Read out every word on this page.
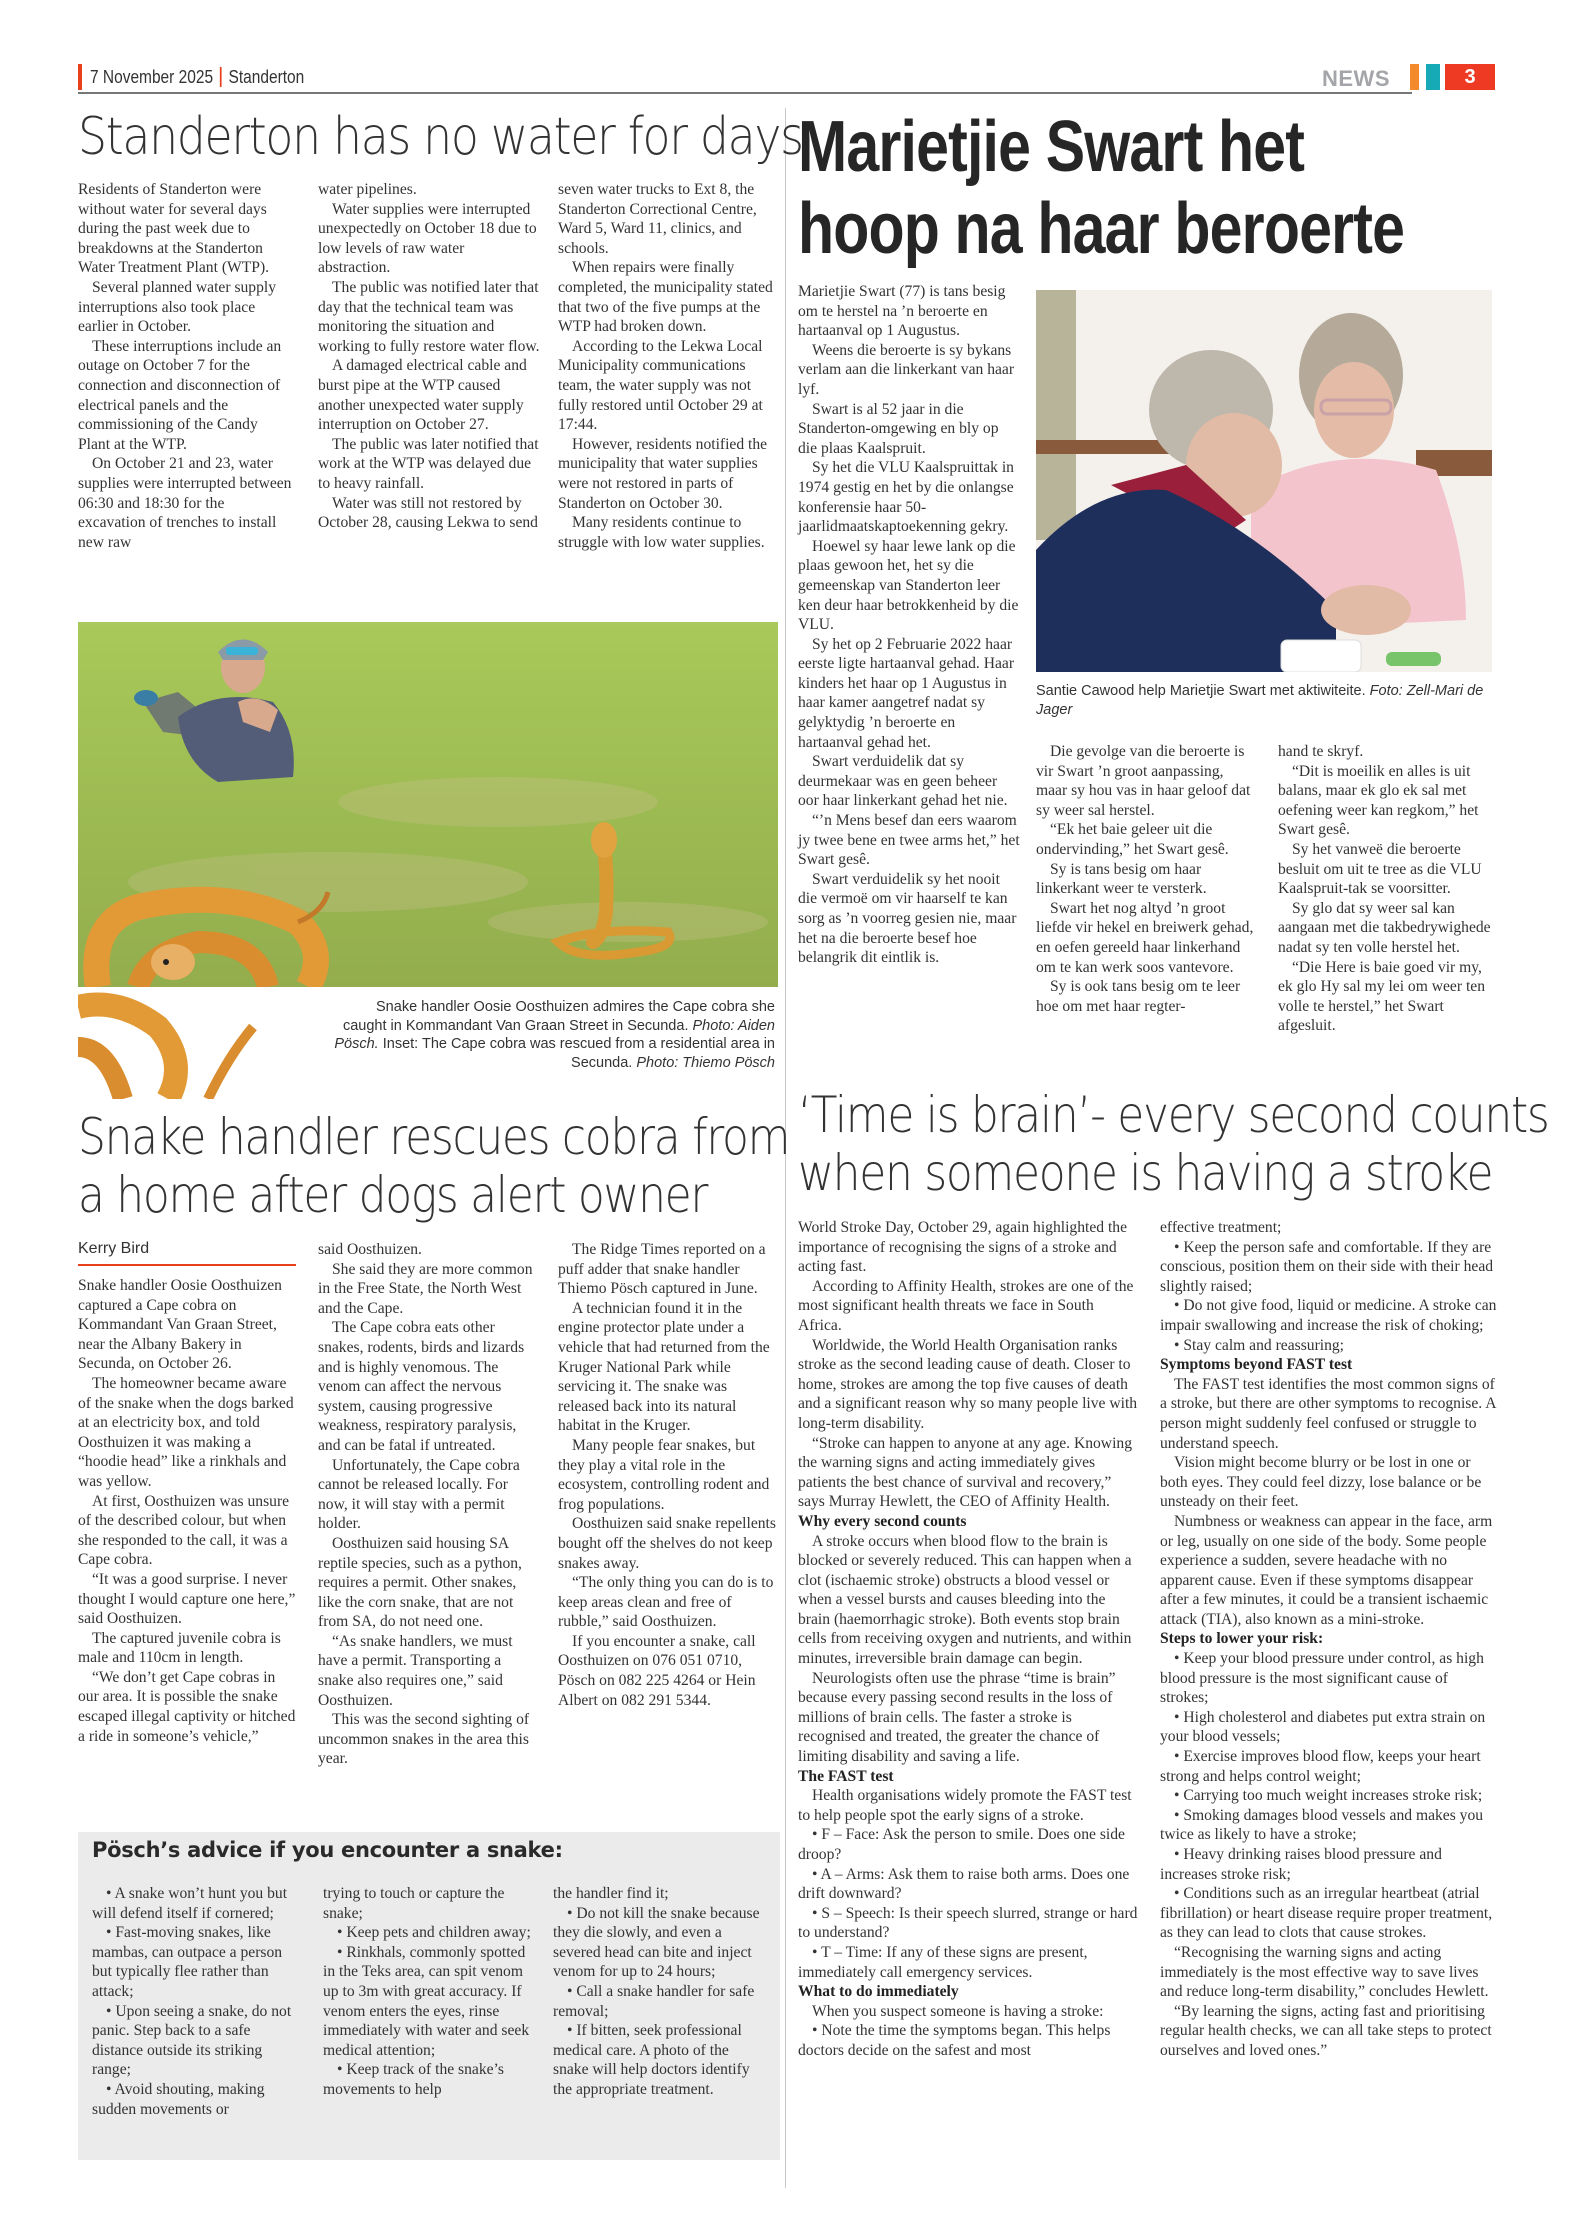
7 November 2025 Standerton	NEWS	3
Standerton has no water for days

Residents of Standerton were without water for several days during the past week due to breakdowns at the Standerton Water Treatment Plant (WTP).

Several planned water supply interruptions also took place earlier in October.

These interruptions include an outage on October 7 for the connection and disconnection of electrical panels and the commissioning of the Candy Plant at the WTP.

On October 21 and 23, water supplies were interrupted between 06:30 and 18:30 for the excavation of trenches to install new raw

water pipelines.

Water supplies were interrupted unexpectedly on October 18 due to low levels of raw water abstraction.

The public was notified later that day that the technical team was monitoring the situation and working to fully restore water flow.

A damaged electrical cable and burst pipe at the WTP caused another unexpected water supply interruption on October 27.

The public was later notified that work at the WTP was delayed due to heavy rainfall.

Water was still not restored by October 28, causing Lekwa to send

seven water trucks to Ext 8, the Standerton Correctional Centre, Ward 5, Ward 11, clinics, and schools.

When repairs were finally completed, the municipality stated that two of the five pumps at the WTP had broken down.

According to the Lekwa Local Municipality communications team, the water supply was not fully restored until October 29 at 17:44.

However, residents notified the municipality that water supplies were not restored in parts of Standerton on October 30.

Many residents continue to struggle with low water supplies.

Snake handler Oosie Oosthuizen admires the Cape cobra she caught in Kommandant Van Graan Street in Secunda. Photo: Aiden Pösch. Inset: The Cape cobra was rescued from a residential area in Secunda. Photo: Thiemo Pösch
Snake handler rescues cobra from
a home after dogs alert owner
Kerry Bird

Snake handler Oosie Oosthuizen captured a Cape cobra on Kommandant Van Graan Street, near the Albany Bakery in Secunda, on October 26.

The homeowner became aware of the snake when the dogs barked at an electricity box, and told Oosthuizen it was making a “hoodie head” like a rinkhals and was yellow.

At first, Oosthuizen was unsure of the described colour, but when she responded to the call, it was a Cape cobra.

“It was a good surprise. I never thought I would capture one here,” said Oosthuizen.

The captured juvenile cobra is male and 110cm in length.

“We don’t get Cape cobras in our area. It is possible the snake escaped illegal captivity or hitched a ride in someone’s vehicle,”

said Oosthuizen.

She said they are more common in the Free State, the North West and the Cape.

The Cape cobra eats other snakes, rodents, birds and lizards and is highly venomous. The venom can affect the nervous system, causing progressive weakness, respiratory paralysis, and can be fatal if untreated.

Unfortunately, the Cape cobra cannot be released locally. For now, it will stay with a permit holder.

Oosthuizen said housing SA reptile species, such as a python, requires a permit. Other snakes, like the corn snake, that are not from SA, do not need one.

“As snake handlers, we must have a permit. Transporting a snake also requires one,” said Oosthuizen.

This was the second sighting of uncommon snakes in the area this year.

The Ridge Times reported on a puff adder that snake handler Thiemo Pösch captured in June.

A technician found it in the engine protector plate under a vehicle that had returned from the Kruger National Park while servicing it. The snake was released back into its natural habitat in the Kruger.

Many people fear snakes, but they play a vital role in the ecosystem, controlling rodent and frog populations.

Oosthuizen said snake repellents bought off the shelves do not keep snakes away.

“The only thing you can do is to keep areas clean and free of rubble,” said Oosthuizen.

If you encounter a snake, call Oosthuizen on 076 051 0710, Pösch on 082 225 4264 or Hein Albert on 082 291 5344.

Pösch’s advice if you encounter a snake:

• A snake won’t hunt you but will defend itself if cornered;

• Fast-moving snakes, like mambas, can outpace a person but typically flee rather than attack;

• Upon seeing a snake, do not panic. Step back to a safe distance outside its striking range;

• Avoid shouting, making sudden movements or

trying to touch or capture the snake;

• Keep pets and children away;

• Rinkhals, commonly spotted in the Teks area, can spit venom up to 3m with great accuracy. If venom enters the eyes, rinse immediately with water and seek medical attention;

• Keep track of the snake’s movements to help

the handler find it;

• Do not kill the snake because they die slowly, and even a severed head can bite and inject venom for up to 24 hours;

• Call a snake handler for safe removal;

• If bitten, seek professional medical care. A photo of the snake will help doctors identify the appropriate treatment.

Marietjie Swart het
hoop na haar beroerte

Marietjie Swart (77) is tans besig om te herstel na ’n beroerte en hartaanval op 1 Augustus.

Weens die beroerte is sy bykans verlam aan die linkerkant van haar lyf.

Swart is al 52 jaar in die Standerton-omgewing en bly op die plaas Kaalspruit.

Sy het die VLU Kaalspruittak in 1974 gestig en het by die onlangse konferensie haar 50-jaarlidmaatskaptoekenning gekry.

Hoewel sy haar lewe lank op die plaas gewoon het, het sy die gemeenskap van Standerton leer ken deur haar betrokkenheid by die VLU.

Sy het op 2 Februarie 2022 haar eerste ligte hartaanval gehad. Haar kinders het haar op 1 Augustus in haar kamer aangetref nadat sy gelyktydig ’n beroerte en hartaanval gehad het.

Swart verduidelik dat sy deurmekaar was en geen beheer oor haar linkerkant gehad het nie.

“’n Mens besef dan eers waarom jy twee bene en twee arms het,” het Swart gesê.

Swart verduidelik sy het nooit die vermoë om vir haarself te kan sorg as ’n voorreg gesien nie, maar het na die beroerte besef hoe belangrik dit eintlik is.

Santie Cawood help Marietjie Swart met aktiwiteite. Foto: Zell-Mari de Jager

Die gevolge van die beroerte is vir Swart ’n groot aanpassing, maar sy hou vas in haar geloof dat sy weer sal herstel.

“Ek het baie geleer uit die ondervinding,” het Swart gesê.

Sy is tans besig om haar linkerkant weer te versterk.

Swart het nog altyd ’n groot liefde vir hekel en breiwerk gehad, en oefen gereeld haar linkerhand om te kan werk soos vantevore.

Sy is ook tans besig om te leer hoe om met haar regter-

hand te skryf.

“Dit is moeilik en alles is uit balans, maar ek glo ek sal met oefening weer kan regkom,” het Swart gesê.

Sy het vanweë die beroerte besluit om uit te tree as die VLU Kaalspruit-tak se voorsitter.

Sy glo dat sy weer sal kan aangaan met die takbedrywighede nadat sy ten volle herstel het.

“Die Here is baie goed vir my, ek glo Hy sal my lei om weer ten volle te herstel,” het Swart afgesluit.

‘Time is brain’- every second counts
when someone is having a stroke

World Stroke Day, October 29, again highlighted the importance of recognising the signs of a stroke and acting fast.

According to Affinity Health, strokes are one of the most significant health threats we face in South Africa.

Worldwide, the World Health Organisation ranks stroke as the second leading cause of death. Closer to home, strokes are among the top five causes of death and a significant reason why so many people live with long-term disability.

“Stroke can happen to anyone at any age. Knowing the warning signs and acting immediately gives patients the best chance of survival and recovery,” says Murray Hewlett, the CEO of Affinity Health.

Why every second counts

A stroke occurs when blood flow to the brain is blocked or severely reduced. This can happen when a clot (ischaemic stroke) obstructs a blood vessel or when a vessel bursts and causes bleeding into the brain (haemorrhagic stroke). Both events stop brain cells from receiving oxygen and nutrients, and within minutes, irreversible brain damage can begin.

Neurologists often use the phrase “time is brain” because every passing second results in the loss of millions of brain cells. The faster a stroke is recognised and treated, the greater the chance of limiting disability and saving a life.

The FAST test

Health organisations widely promote the FAST test to help people spot the early signs of a stroke.

• F – Face: Ask the person to smile. Does one side droop?

• A – Arms: Ask them to raise both arms. Does one drift downward?

• S – Speech: Is their speech slurred, strange or hard to understand?

• T – Time: If any of these signs are present, immediately call emergency services.

What to do immediately

When you suspect someone is having a stroke:

• Note the time the symptoms began. This helps doctors decide on the safest and most

effective treatment;

• Keep the person safe and comfortable. If they are conscious, position them on their side with their head slightly raised;

• Do not give food, liquid or medicine. A stroke can impair swallowing and increase the risk of choking;

• Stay calm and reassuring;

Symptoms beyond FAST test

The FAST test identifies the most common signs of a stroke, but there are other symptoms to recognise. A person might suddenly feel confused or struggle to understand speech.

Vision might become blurry or be lost in one or both eyes. They could feel dizzy, lose balance or be unsteady on their feet.

Numbness or weakness can appear in the face, arm or leg, usually on one side of the body. Some people experience a sudden, severe headache with no apparent cause. Even if these symptoms disappear after a few minutes, it could be a transient ischaemic attack (TIA), also known as a mini-stroke.

Steps to lower your risk:

• Keep your blood pressure under control, as high blood pressure is the most significant cause of strokes;

• High cholesterol and diabetes put extra strain on your blood vessels;

• Exercise improves blood flow, keeps your heart strong and helps control weight;

• Carrying too much weight increases stroke risk;

• Smoking damages blood vessels and makes you twice as likely to have a stroke;

• Heavy drinking raises blood pressure and increases stroke risk;

• Conditions such as an irregular heartbeat (atrial fibrillation) or heart disease require proper treatment, as they can lead to clots that cause strokes.

“Recognising the warning signs and acting immediately is the most effective way to save lives and reduce long-term disability,” concludes Hewlett.

“By learning the signs, acting fast and prioritising regular health checks, we can all take steps to protect ourselves and loved ones.”
